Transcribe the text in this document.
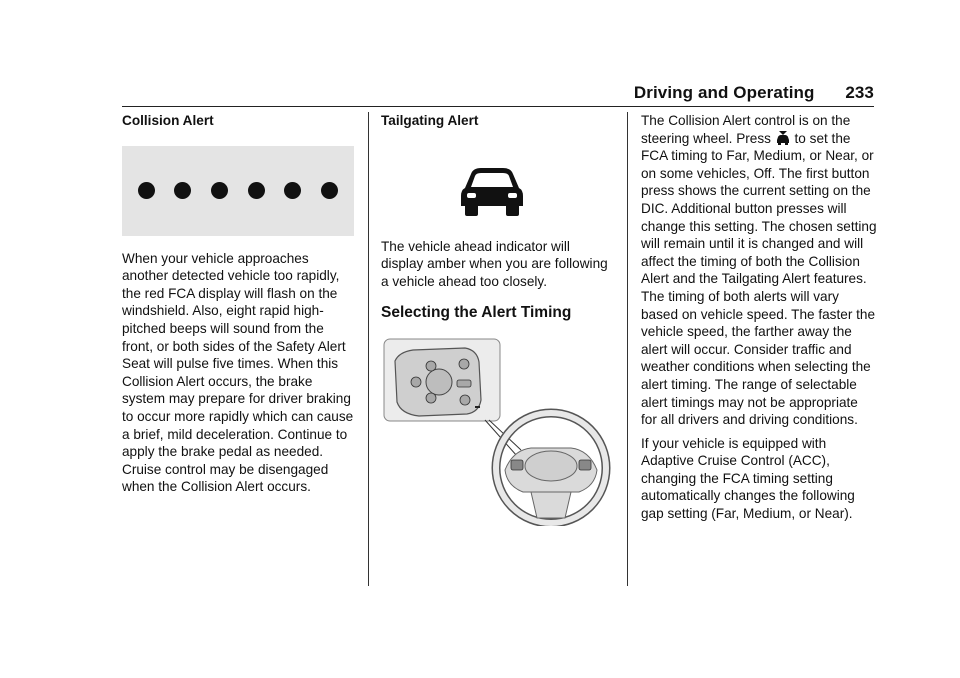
Driving and Operating 233
Collision Alert

When your vehicle approaches another detected vehicle too rapidly, the red FCA display will flash on the windshield. Also, eight rapid high-pitched beeps will sound from the front, or both sides of the Safety Alert Seat will pulse five times. When this Collision Alert occurs, the brake system may prepare for driver braking to occur more rapidly which can cause a brief, mild deceleration. Continue to apply the brake pedal as needed. Cruise control may be disengaged when the Collision Alert occurs.

Tailgating Alert

The vehicle ahead indicator will display amber when you are following a vehicle ahead too closely.

Selecting the Alert Timing

The Collision Alert control is on the steering wheel. Press to set the FCA timing to Far, Medium, or Near, or on some vehicles, Off. The first button press shows the current setting on the DIC. Additional button presses will change this setting. The chosen setting will remain until it is changed and will affect the timing of both the Collision Alert and the Tailgating Alert features. The timing of both alerts will vary based on vehicle speed. The faster the vehicle speed, the farther away the alert will occur. Consider traffic and weather conditions when selecting the alert timing. The range of selectable alert timings may not be appropriate for all drivers and driving conditions.

If your vehicle is equipped with Adaptive Cruise Control (ACC), changing the FCA timing setting automatically changes the following gap setting (Far, Medium, or Near).
